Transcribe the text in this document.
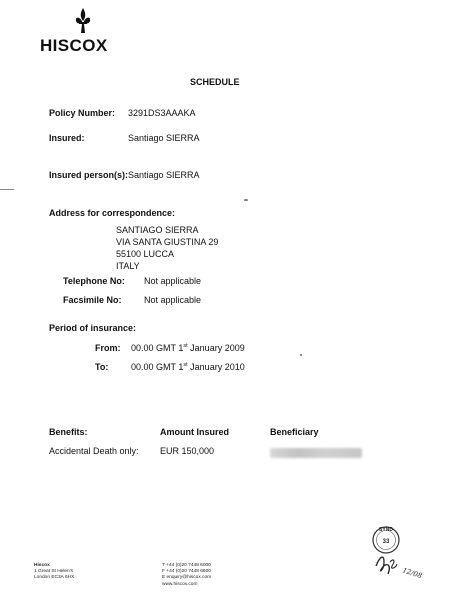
HISCOX
SCHEDULE
Policy Number: 3291DS3AAAKA
Insured:	Santiago SIERRA
Insured person(s): Santiago SIERRA
Address for correspondence:
SANTIAGO SIERRA
VIA SANTA GIUSTINA 29
55100 LUCCA
ITALY
Telephone No: Not applicable
Facsimile No: Not applicable
Period of insurance:
From: 00.00 GMT 1st January 2009
To:	00.00 GMT 1st January 2010
Benefits:	Amount Insured	Beneficiary
Accidental Death only: EUR 150,000
Hiscox
1 Great St Helen's
London EC3A 6HX
T +44 (0)20 7448 6000
F +44 (0)20 7448 6600
E enquiry@hiscox.com
www.hiscox.com
SYND
33
12/08
